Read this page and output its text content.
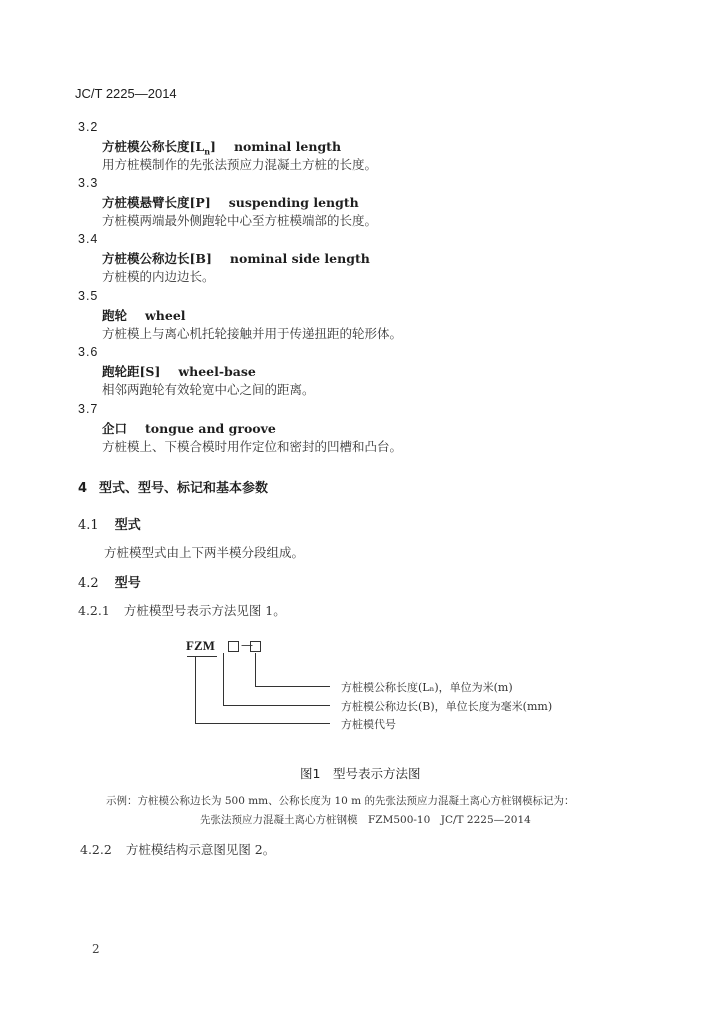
JC/T 2225—2014
3.2
方桩模公称长度$[L_n]$ nominal length
用方桩模制作的先张法预应力混凝土方桩的长度。
3.3
方桩模悬臂长度[P] suspending length
方桩模两端最外侧跑轮中心至方桩模端部的长度。
3.4
方桩模公称边长[B] nominal side length
方桩模的内边边长。
3.5
跑轮 wheel
方桩模上与离心机托轮接触并用于传递扭距的轮形体。
3.6
跑轮距[S] wheel-base
相邻两跑轮有效轮宽中心之间的距离。
3.7
企口 tongue and groove
方桩模上、下模合模时用作定位和密封的凹槽和凸台。
4 型式、型号、标记和基本参数
4.1 型式
方桩模型式由上下两半模分段组成。
4.2 型号
4.2.1 方桩模型号表示方法见图 1。
FZM —
方桩模公称长度(Lₙ)，单位为米(m)
方桩模公称边长(B)，单位长度为毫米(mm)
方桩模代号
图1　型号表示方法图
示例：方桩模公称边长为 500 mm、公称长度为 10 m 的先张法预应力混凝土离心方桩钢模标记为：
先张法预应力混凝土离心方桩钢模　FZM500-10　JC/T 2225—2014
4.2.2 方桩模结构示意图见图 2。
2
